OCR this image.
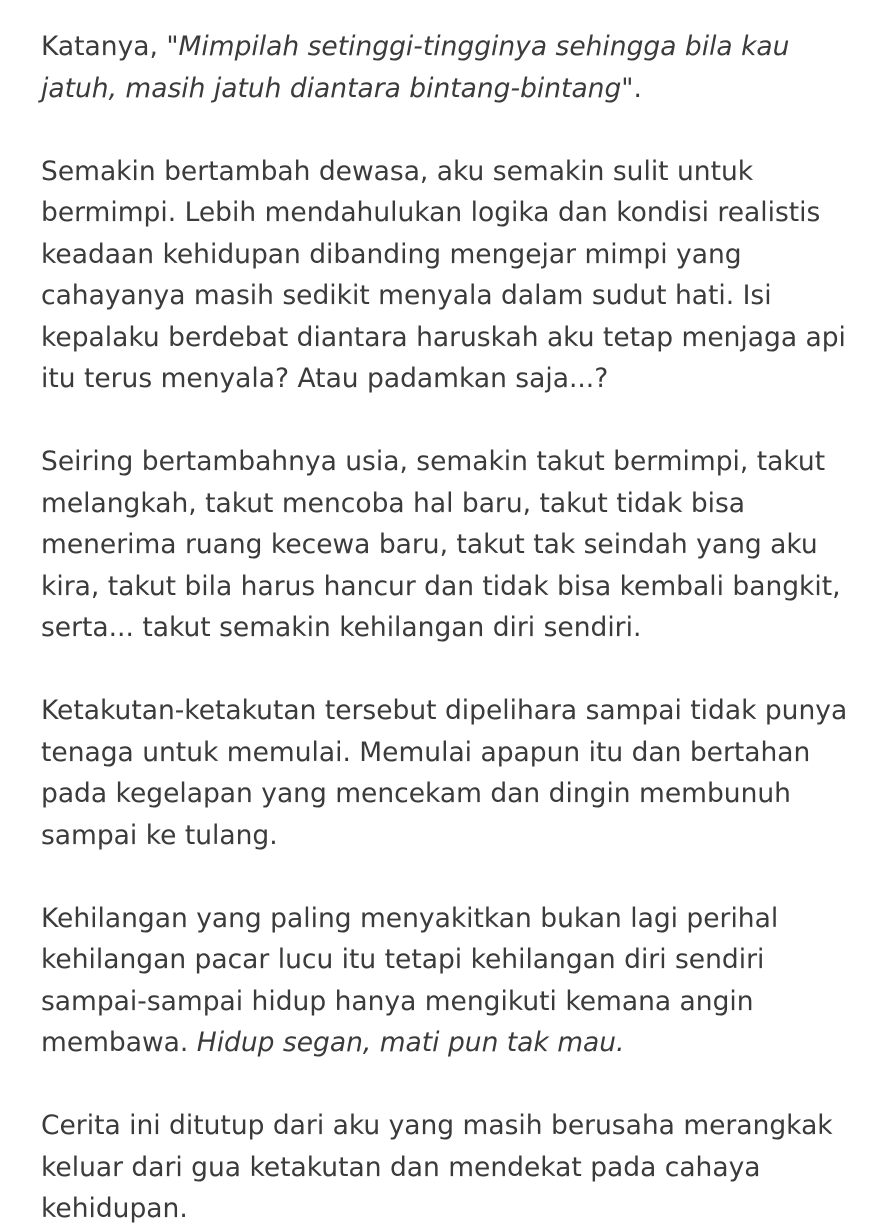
Katanya, "Mimpilah setinggi-tingginya sehingga bila kau
jatuh, masih jatuh diantara bintang-bintang".

Semakin bertambah dewasa, aku semakin sulit untuk
bermimpi. Lebih mendahulukan logika dan kondisi realistis
keadaan kehidupan dibanding mengejar mimpi yang
cahayanya masih sedikit menyala dalam sudut hati. Isi
kepalaku berdebat diantara haruskah aku tetap menjaga api
itu terus menyala? Atau padamkan saja...?

Seiring bertambahnya usia, semakin takut bermimpi, takut
melangkah, takut mencoba hal baru, takut tidak bisa
menerima ruang kecewa baru, takut tak seindah yang aku
kira, takut bila harus hancur dan tidak bisa kembali bangkit,
serta... takut semakin kehilangan diri sendiri.

Ketakutan-ketakutan tersebut dipelihara sampai tidak punya
tenaga untuk memulai. Memulai apapun itu dan bertahan
pada kegelapan yang mencekam dan dingin membunuh
sampai ke tulang.

Kehilangan yang paling menyakitkan bukan lagi perihal
kehilangan pacar lucu itu tetapi kehilangan diri sendiri
sampai-sampai hidup hanya mengikuti kemana angin
membawa. Hidup segan, mati pun tak mau.

Cerita ini ditutup dari aku yang masih berusaha merangkak
keluar dari gua ketakutan dan mendekat pada cahaya
kehidupan.
